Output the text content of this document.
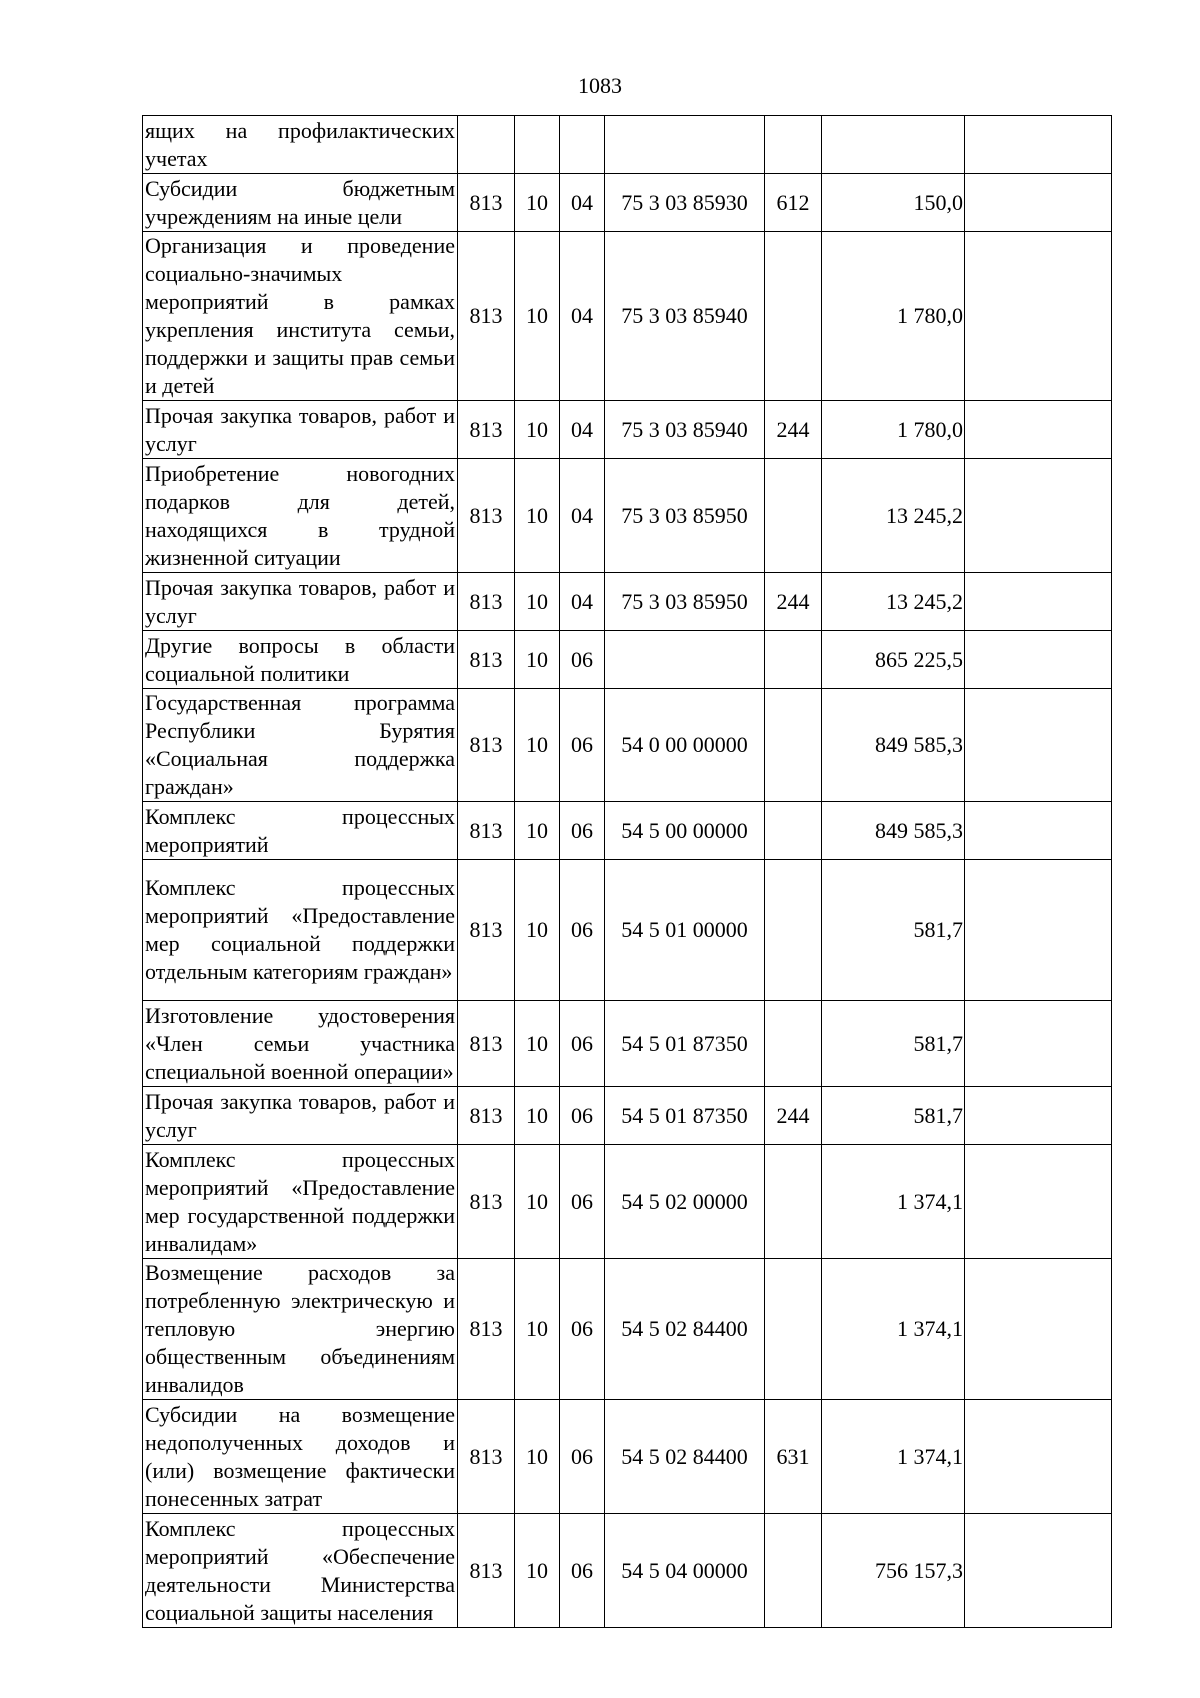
1083
ящих на профилактических учетах							
Субсидии бюджетным учреждениям на иные цели	813	10	04	75 3 03 85930	612	150,0	
Организация и проведение социально-значимых мероприятий в рамках укрепления института семьи, поддержки и защиты прав семьи и детей	813	10	04	75 3 03 85940		1 780,0	
Прочая закупка товаров, работ и услуг	813	10	04	75 3 03 85940	244	1 780,0	
Приобретение новогодних подарков для детей, находящихся в трудной жизненной ситуации	813	10	04	75 3 03 85950		13 245,2	
Прочая закупка товаров, работ и услуг	813	10	04	75 3 03 85950	244	13 245,2	
Другие вопросы в области социальной политики	813	10	06			865 225,5	
Государственная программа Республики Бурятия «Социальная поддержка граждан»	813	10	06	54 0 00 00000		849 585,3	
Комплекс процессных мероприятий	813	10	06	54 5 00 00000		849 585,3	
Комплекс процессных мероприятий «Предоставление мер социальной поддержки отдельным категориям граждан»	813	10	06	54 5 01 00000		581,7	
Изготовление удостоверения «Член семьи участника специальной военной операции»	813	10	06	54 5 01 87350		581,7	
Прочая закупка товаров, работ и услуг	813	10	06	54 5 01 87350	244	581,7	
Комплекс процессных мероприятий «Предоставление мер государственной поддержки инвалидам»	813	10	06	54 5 02 00000		1 374,1	
Возмещение расходов за потребленную электрическую и тепловую энергию общественным объединениям инвалидов	813	10	06	54 5 02 84400		1 374,1	
Субсидии на возмещение недополученных доходов и (или) возмещение фактически понесенных затрат	813	10	06	54 5 02 84400	631	1 374,1	
Комплекс процессных мероприятий «Обеспечение деятельности Министерства социальной защиты населения	813	10	06	54 5 04 00000		756 157,3	
